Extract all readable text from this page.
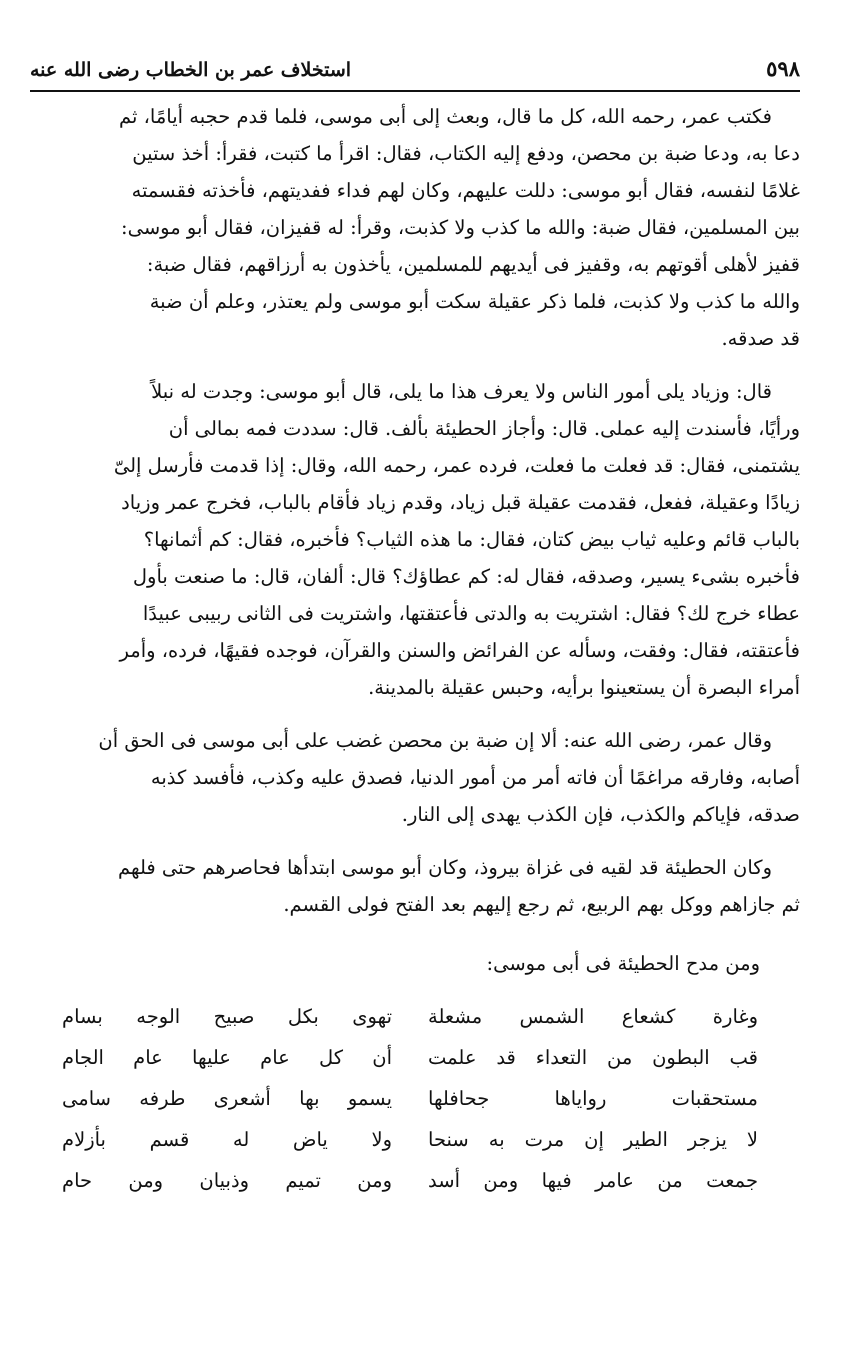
٥٩٨
استخلاف عمر بن الخطاب رضى الله عنه

فكتب عمر، رحمه الله، كل ما قال، وبعث إلى أبى موسى، فلما قدم حجبه أيامًا، ثم
دعا به، ودعا ضبة بن محصن، ودفع إليه الكتاب، فقال: اقرأ ما كتبت، فقرأ: أخذ ستين
غلامًا لنفسه، فقال أبو موسى: دللت عليهم، وكان لهم فداء ففديتهم، فأخذته فقسمته
بين المسلمين، فقال ضبة: والله ما كذب ولا كذبت، وقرأ: له قفيزان، فقال أبو موسى:
قفيز لأهلى أقوتهم به، وقفيز فى أيديهم للمسلمين، يأخذون به أرزاقهم، فقال ضبة:
والله ما كذب ولا كذبت، فلما ذكر عقيلة سكت أبو موسى ولم يعتذر، وعلم أن ضبة
قد صدقه.

قال: وزياد يلى أمور الناس ولا يعرف هذا ما يلى، قال أبو موسى: وجدت له نبلاً
ورأيًا، فأسندت إليه عملى. قال: وأجاز الحطيئة بألف. قال: سددت فمه بمالى أن
يشتمنى، فقال: قد فعلت ما فعلت، فرده عمر، رحمه الله، وقال: إذا قدمت فأرسل إلىّ
زيادًا وعقيلة، ففعل، فقدمت عقيلة قبل زياد، وقدم زياد فأقام بالباب، فخرج عمر وزياد
بالباب قائم وعليه ثياب بيض كتان، فقال: ما هذه الثياب؟ فأخبره، فقال: كم أثمانها؟
فأخبره بشىء يسير، وصدقه، فقال له: كم عطاؤك؟ قال: ألفان، قال: ما صنعت بأول
عطاء خرج لك؟ فقال: اشتريت به والدتى فأعتقتها، واشتريت فى الثانى ربيبى عبيدًا
فأعتقته، فقال: وفقت، وسأله عن الفرائض والسنن والقرآن، فوجده فقيهًا، فرده، وأمر
أمراء البصرة أن يستعينوا برأيه، وحبس عقيلة بالمدينة.

وقال عمر، رضى الله عنه: ألا إن ضبة بن محصن غضب على أبى موسى فى الحق أن
أصابه، وفارقه مراغمًا أن فاته أمر من أمور الدنيا، فصدق عليه وكذب، فأفسد كذبه
صدقه، فإياكم والكذب، فإن الكذب يهدى إلى النار.

وكان الحطيئة قد لقيه فى غزاة بيروذ، وكان أبو موسى ابتدأها فحاصرهم حتى فلهم
ثم جازاهم ووكل بهم الربيع، ثم رجع إليهم بعد الفتح فولى القسم.

ومن مدح الحطيئة فى أبى موسى:
وغارة كشعاع الشمس مشعلة
تهوى بكل صبيح الوجه بسام
قب البطون من التعداء قد علمت
أن كل عام عليها عام الجام
مستحقبات رواياها جحافلها
يسمو بها أشعرى طرفه سامى
لا يزجر الطير إن مرت به سنحا
ولا ياض له قسم بأزلام
جمعت من عامر فيها ومن أسد
ومن تميم وذبيان ومن حام
